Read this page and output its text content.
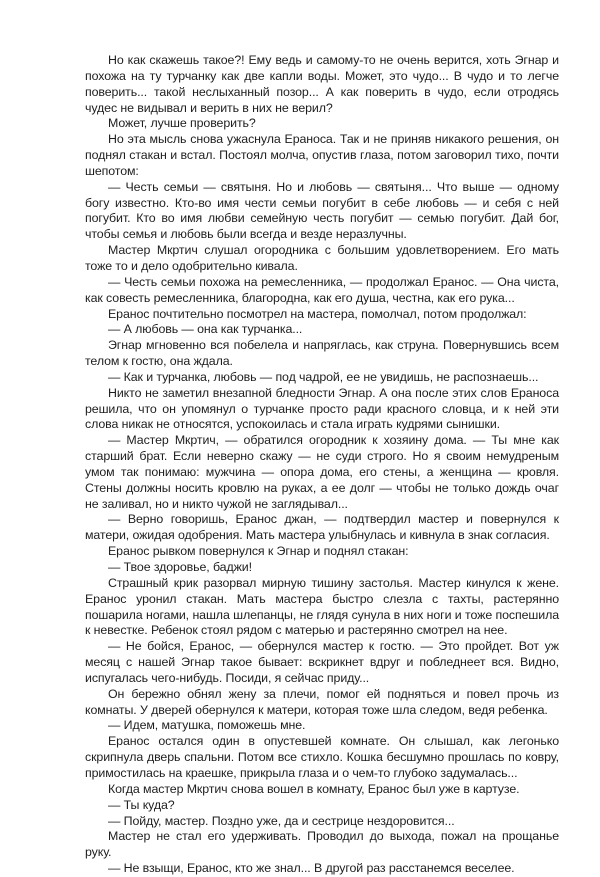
Но как скажешь такое?! Ему ведь и самому-то не очень верится, хоть Эгнар и похожа на ту турчанку как две капли воды. Может, это чудо... В чудо и то легче поверить... такой неслыханный позор... А как поверить в чудо, если отродясь чудес не видывал и верить в них не верил?

Может, лучше проверить?

Но эта мысль снова ужаснула Ераноса. Так и не приняв никакого решения, он поднял стакан и встал. Постоял молча, опустив глаза, потом заговорил тихо, почти шепотом:

— Честь семьи — святыня. Но и любовь — святыня... Что выше — одному богу известно. Кто-во имя чести семьи погубит в себе любовь — и себя с ней погубит. Кто во имя любви семейную честь погубит — семью погубит. Дай бог, чтобы семья и любовь были всегда и везде неразлучны.

Мастер Мкртич слушал огородника с большим удовлетворением. Его мать тоже то и дело одобрительно кивала.

— Честь семьи похожа на ремесленника, — продолжал Еранос. — Она чиста, как совесть ремесленника, благородна, как его душа, честна, как его рука...

Еранос почтительно посмотрел на мастера, помолчал, потом продолжал:

— А любовь — она как турчанка...

Эгнар мгновенно вся побелела и напряглась, как струна. Повернувшись всем телом к гостю, она ждала.

— Как и турчанка, любовь — под чадрой, ее не увидишь, не распознаешь...

Никто не заметил внезапной бледности Эгнар. А она после этих слов Ераноса решила, что он упомянул о турчанке просто ради красного словца, и к ней эти слова никак не относятся, успокоилась и стала играть кудрями сынишки.

— Мастер Мкртич, — обратился огородник к хозяину дома. — Ты мне как старший брат. Если неверно скажу — не суди строго. Но я своим немудреным умом так понимаю: мужчина — опора дома, его стены, а женщина — кровля. Стены должны носить кровлю на руках, а ее долг — чтобы не только дождь очаг не заливал, но и никто чужой не заглядывал...

— Верно говоришь, Еранос джан, — подтвердил мастер и повернулся к матери, ожидая одобрения. Мать мастера улыбнулась и кивнула в знак согласия.

Еранос рывком повернулся к Эгнар и поднял стакан:

— Твое здоровье, баджи!

Страшный крик разорвал мирную тишину застолья. Мастер кинулся к жене. Еранос уронил стакан. Мать мастера быстро слезла с тахты, растерянно пошарила ногами, нашла шлепанцы, не глядя сунула в них ноги и тоже поспешила к невестке. Ребенок стоял рядом с матерью и растерянно смотрел на нее.

— Не бойся, Еранос, — обернулся мастер к гостю. — Это пройдет. Вот уж месяц с нашей Эгнар такое бывает: вскрикнет вдруг и побледнеет вся. Видно, испугалась чего-нибудь. Посиди, я сейчас приду...

Он бережно обнял жену за плечи, помог ей подняться и повел прочь из комнаты. У дверей обернулся к матери, которая тоже шла следом, ведя ребенка.

— Идем, матушка, поможешь мне.

Еранос остался один в опустевшей комнате. Он слышал, как легонько скрипнула дверь спальни. Потом все стихло. Кошка бесшумно прошлась по ковру, примостилась на краешке, прикрыла глаза и о чем-то глубоко задумалась...

Когда мастер Мкртич снова вошел в комнату, Еранос был уже в картузе.

— Ты куда?

— Пойду, мастер. Поздно уже, да и сестрице нездоровится...

Мастер не стал его удерживать. Проводил до выхода, пожал на прощанье руку.

— Не взыщи, Еранос, кто же знал... В другой раз расстанемся веселее.
